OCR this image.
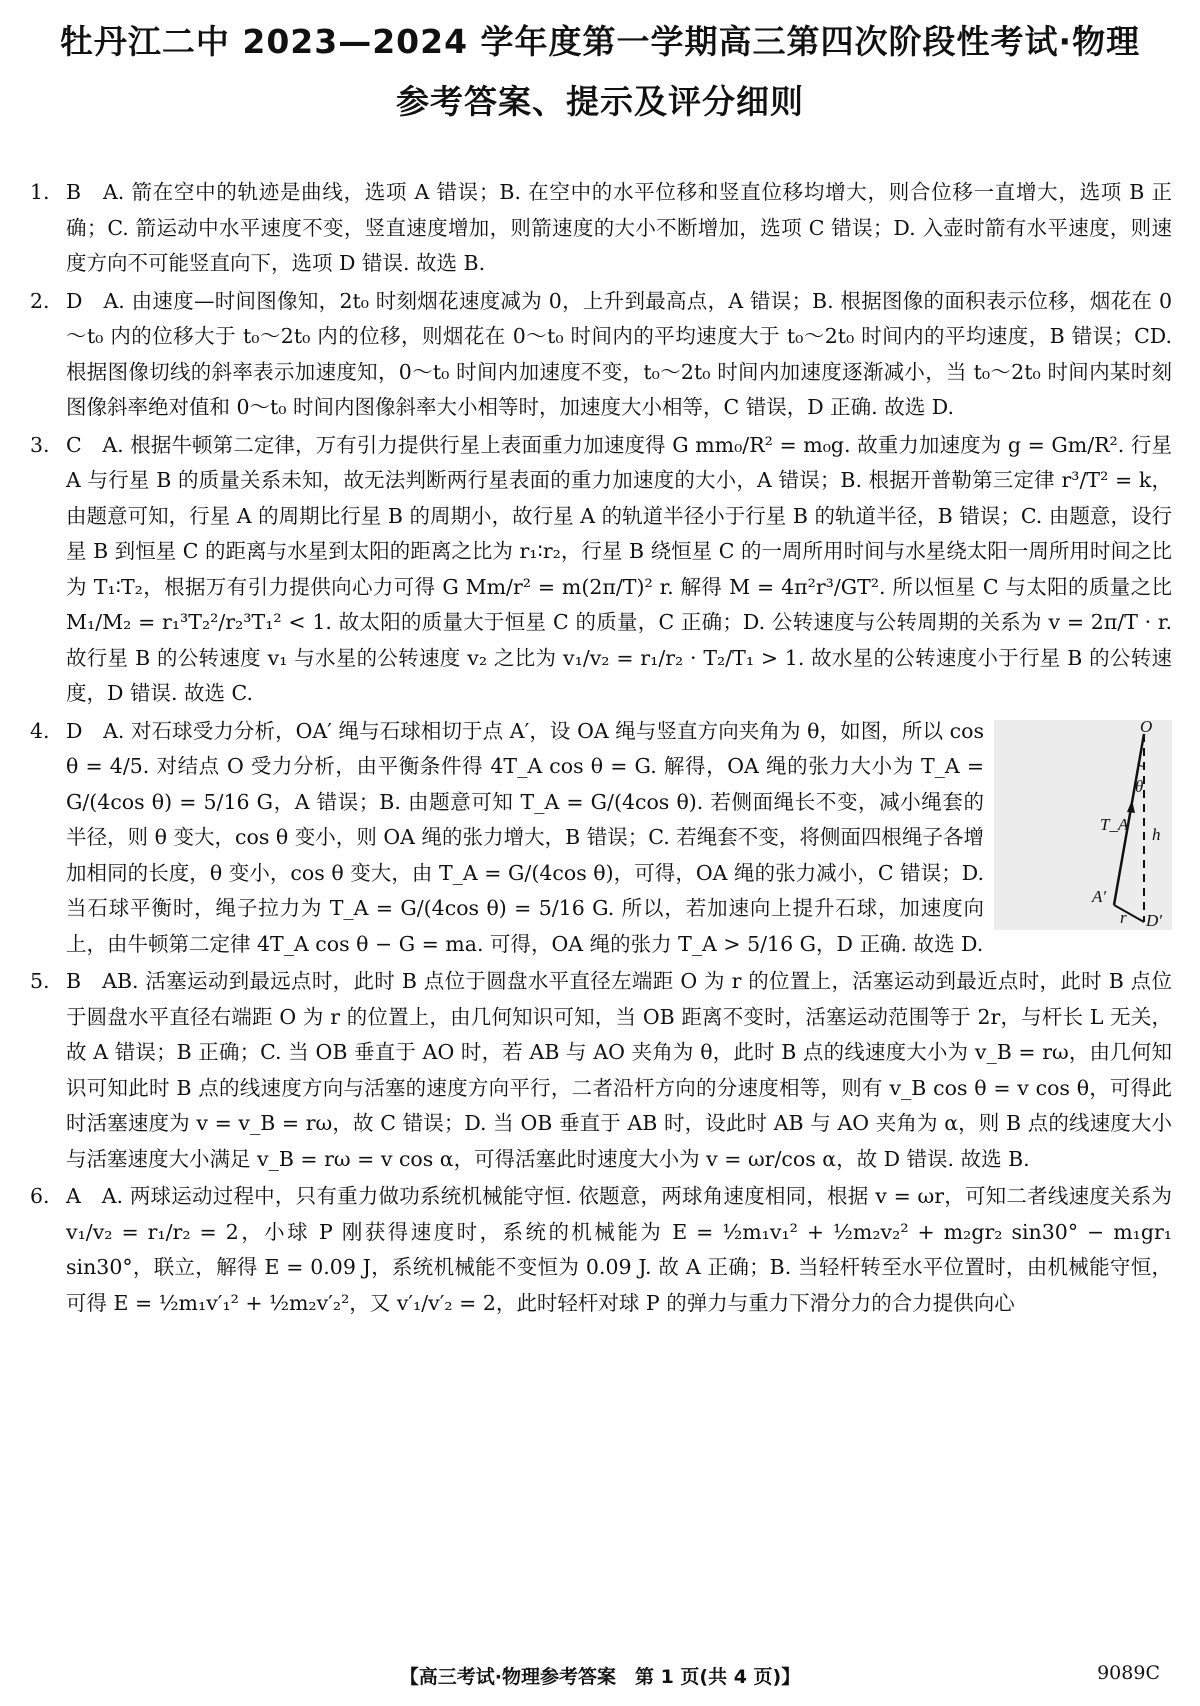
牡丹江二中 2023—2024 学年度第一学期高三第四次阶段性考试·物理
参考答案、提示及评分细则

1. B　A. 箭在空中的轨迹是曲线，选项 A 错误；B. 在空中的水平位移和竖直位移均增大，则合位移一直增大，选项 B 正确；C. 箭运动中水平速度不变，竖直速度增加，则箭速度的大小不断增加，选项 C 错误；D. 入壶时箭有水平速度，则速度方向不可能竖直向下，选项 D 错误. 故选 B.

2. D　A. 由速度—时间图像知，2t₀ 时刻烟花速度减为 0，上升到最高点，A 错误；B. 根据图像的面积表示位移，烟花在 0～t₀ 内的位移大于 t₀～2t₀ 内的位移，则烟花在 0～t₀ 时间内的平均速度大于 t₀～2t₀ 时间内的平均速度，B 错误；CD. 根据图像切线的斜率表示加速度知，0～t₀ 时间内加速度不变，t₀～2t₀ 时间内加速度逐渐减小，当 t₀～2t₀ 时间内某时刻图像斜率绝对值和 0～t₀ 时间内图像斜率大小相等时，加速度大小相等，C 错误，D 正确. 故选 D.

3. C　A. 根据牛顿第二定律，万有引力提供行星上表面重力加速度得 G mm₀/R² = m₀g. 故重力加速度为 g = Gm/R². 行星 A 与行星 B 的质量关系未知，故无法判断两行星表面的重力加速度的大小，A 错误；B. 根据开普勒第三定律 r³/T² = k，由题意可知，行星 A 的周期比行星 B 的周期小，故行星 A 的轨道半径小于行星 B 的轨道半径，B 错误；C. 由题意，设行星 B 到恒星 C 的距离与水星到太阳的距离之比为 r₁∶r₂，行星 B 绕恒星 C 的一周所用时间与水星绕太阳一周所用时间之比为 T₁∶T₂，根据万有引力提供向心力可得 G Mm/r² = m(2π/T)² r. 解得 M = 4π²r³/GT². 所以恒星 C 与太阳的质量之比 M₁/M₂ = r₁³T₂²/r₂³T₁² < 1. 故太阳的质量大于恒星 C 的质量，C 正确；D. 公转速度与公转周期的关系为 v = 2π/T · r. 故行星 B 的公转速度 v₁ 与水星的公转速度 v₂ 之比为 v₁/v₂ = r₁/r₂ · T₂/T₁ > 1. 故水星的公转速度小于行星 B 的公转速度，D 错误. 故选 C.

O
θ
T_A
h
A′
r D′

4. D　A. 对石球受力分析，OA′ 绳与石球相切于点 A′，设 OA 绳与竖直方向夹角为 θ，如图，所以 cos θ = 4/5. 对结点 O 受力分析，由平衡条件得 4T_A cos θ = G. 解得，OA 绳的张力大小为 T_A = G/(4cos θ) = 5/16 G，A 错误；B. 由题意可知 T_A = G/(4cos θ). 若侧面绳长不变，减小绳套的半径，则 θ 变大，cos θ 变小，则 OA 绳的张力增大，B 错误；C. 若绳套不变，将侧面四根绳子各增加相同的长度，θ 变小，cos θ 变大，由 T_A = G/(4cos θ)，可得，OA 绳的张力减小，C 错误；D. 当石球平衡时，绳子拉力为 T_A = G/(4cos θ) = 5/16 G. 所以，若加速向上提升石球，加速度向上，由牛顿第二定律 4T_A cos θ − G = ma. 可得，OA 绳的张力 T_A > 5/16 G，D 正确. 故选 D.

5. B　AB. 活塞运动到最远点时，此时 B 点位于圆盘水平直径左端距 O 为 r 的位置上，活塞运动到最近点时，此时 B 点位于圆盘水平直径右端距 O 为 r 的位置上，由几何知识可知，当 OB 距离不变时，活塞运动范围等于 2r，与杆长 L 无关，故 A 错误；B 正确；C. 当 OB 垂直于 AO 时，若 AB 与 AO 夹角为 θ，此时 B 点的线速度大小为 v_B = rω，由几何知识可知此时 B 点的线速度方向与活塞的速度方向平行，二者沿杆方向的分速度相等，则有 v_B cos θ = v cos θ，可得此时活塞速度为 v = v_B = rω，故 C 错误；D. 当 OB 垂直于 AB 时，设此时 AB 与 AO 夹角为 α，则 B 点的线速度大小与活塞速度大小满足 v_B = rω = v cos α，可得活塞此时速度大小为 v = ωr/cos α，故 D 错误. 故选 B.

6. A　A. 两球运动过程中，只有重力做功系统机械能守恒. 依题意，两球角速度相同，根据 v = ωr，可知二者线速度关系为 v₁/v₂ = r₁/r₂ = 2，小球 P 刚获得速度时，系统的机械能为 E = ½m₁v₁² + ½m₂v₂² + m₂gr₂ sin30° − m₁gr₁ sin30°，联立，解得 E = 0.09 J，系统机械能不变恒为 0.09 J. 故 A 正确；B. 当轻杆转至水平位置时，由机械能守恒，可得 E = ½m₁v′₁² + ½m₂v′₂²，又 v′₁/v′₂ = 2，此时轻杆对球 P 的弹力与重力下滑分力的合力提供向心

【高三考试·物理参考答案　第 1 页(共 4 页)】	9089C
